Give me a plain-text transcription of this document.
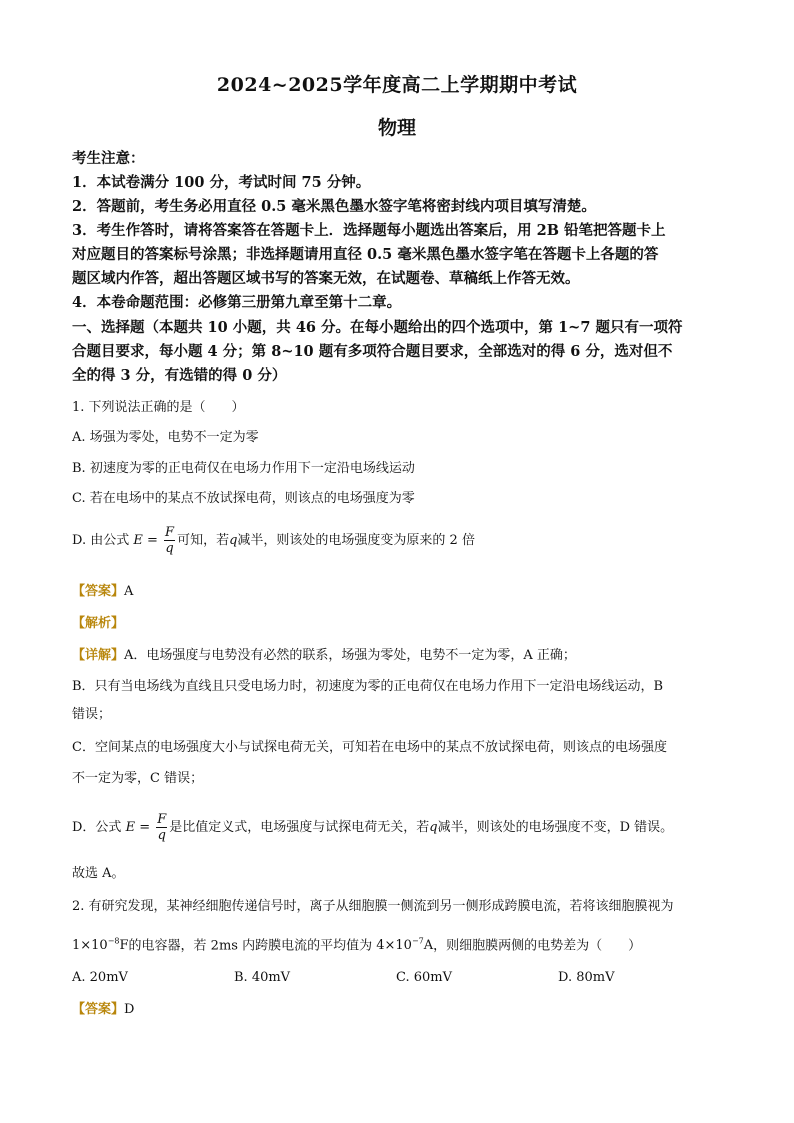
2024~2025学年度高二上学期期中考试
物理
考生注意：
1．本试卷满分 100 分，考试时间 75 分钟。
2．答题前，考生务必用直径 0.5 毫米黑色墨水签字笔将密封线内项目填写清楚。
3．考生作答时，请将答案答在答题卡上．选择题每小题选出答案后，用 2B 铅笔把答题卡上
对应题目的答案标号涂黑；非选择题请用直径 0.5 毫米黑色墨水签字笔在答题卡上各题的答
题区域内作答，超出答题区域书写的答案无效，在试题卷、草稿纸上作答无效。
4．本卷命题范围：必修第三册第九章至第十二章。
一、选择题（本题共 10 小题，共 46 分。在每小题给出的四个选项中，第 1~7 题只有一项符
合题目要求，每小题 4 分；第 8~10 题有多项符合题目要求，全部选对的得 6 分，选对但不
全的得 3 分，有选错的得 0 分）
1. 下列说法正确的是（　　）
A. 场强为零处，电势不一定为零
B. 初速度为零的正电荷仅在电场力作用下一定沿电场线运动
C. 若在电场中的某点不放试探电荷，则该点的电场强度为零
D. 由公式 $E = \frac{F}{q}$ 可知，若q减半，则该处的电场强度变为原来的 2 倍
【答案】A
【解析】
【详解】A．电场强度与电势没有必然的联系，场强为零处，电势不一定为零，A 正确；
B．只有当电场线为直线且只受电场力时，初速度为零的正电荷仅在电场力作用下一定沿电场线运动，B
错误；
C．空间某点的电场强度大小与试探电荷无关，可知若在电场中的某点不放试探电荷，则该点的电场强度
不一定为零，C 错误；
D．公式 $E = \frac{F}{q}$ 是比值定义式，电场强度与试探电荷无关，若q减半，则该处的电场强度不变，D 错误。
故选 A。
2. 有研究发现，某神经细胞传递信号时，离子从细胞膜一侧流到另一侧形成跨膜电流，若将该细胞膜视为
$1\times 10^{-8}F$的电容器，若 2ms 内跨膜电流的平均值为 $4\times 10^{-7}A$，则细胞膜两侧的电势差为（　　）
A. 20mV	B. 40mV	C. 60mV	D. 80mV
【答案】D
